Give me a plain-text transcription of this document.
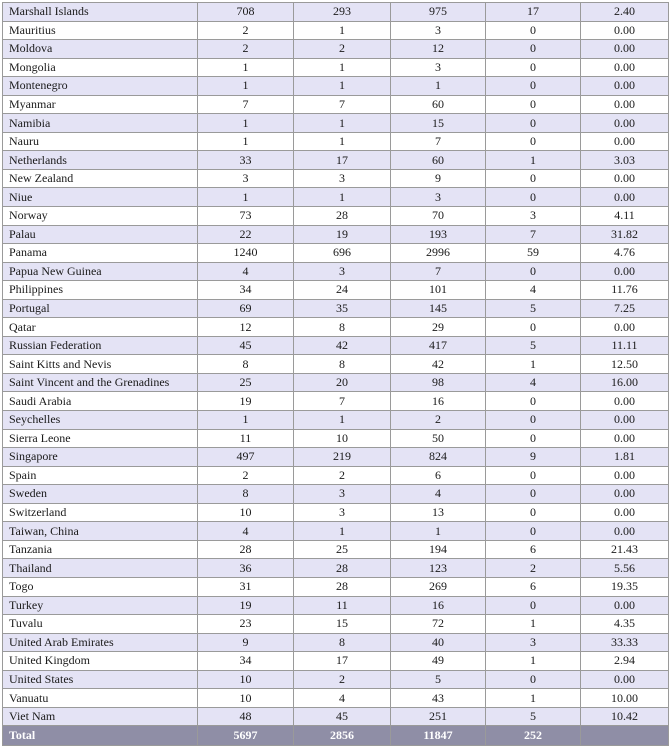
Marshall Islands	708	293	975	17	2.40
Mauritius	2	1	3	0	0.00
Moldova	2	2	12	0	0.00
Mongolia	1	1	3	0	0.00
Montenegro	1	1	1	0	0.00
Myanmar	7	7	60	0	0.00
Namibia	1	1	15	0	0.00
Nauru	1	1	7	0	0.00
Netherlands	33	17	60	1	3.03
New Zealand	3	3	9	0	0.00
Niue	1	1	3	0	0.00
Norway	73	28	70	3	4.11
Palau	22	19	193	7	31.82
Panama	1240	696	2996	59	4.76
Papua New Guinea	4	3	7	0	0.00
Philippines	34	24	101	4	11.76
Portugal	69	35	145	5	7.25
Qatar	12	8	29	0	0.00
Russian Federation	45	42	417	5	11.11
Saint Kitts and Nevis	8	8	42	1	12.50
Saint Vincent and the Grenadines	25	20	98	4	16.00
Saudi Arabia	19	7	16	0	0.00
Seychelles	1	1	2	0	0.00
Sierra Leone	11	10	50	0	0.00
Singapore	497	219	824	9	1.81
Spain	2	2	6	0	0.00
Sweden	8	3	4	0	0.00
Switzerland	10	3	13	0	0.00
Taiwan, China	4	1	1	0	0.00
Tanzania	28	25	194	6	21.43
Thailand	36	28	123	2	5.56
Togo	31	28	269	6	19.35
Turkey	19	11	16	0	0.00
Tuvalu	23	15	72	1	4.35
United Arab Emirates	9	8	40	3	33.33
United Kingdom	34	17	49	1	2.94
United States	10	2	5	0	0.00
Vanuatu	10	4	43	1	10.00
Viet Nam	48	45	251	5	10.42
Total	5697	2856	11847	252	
